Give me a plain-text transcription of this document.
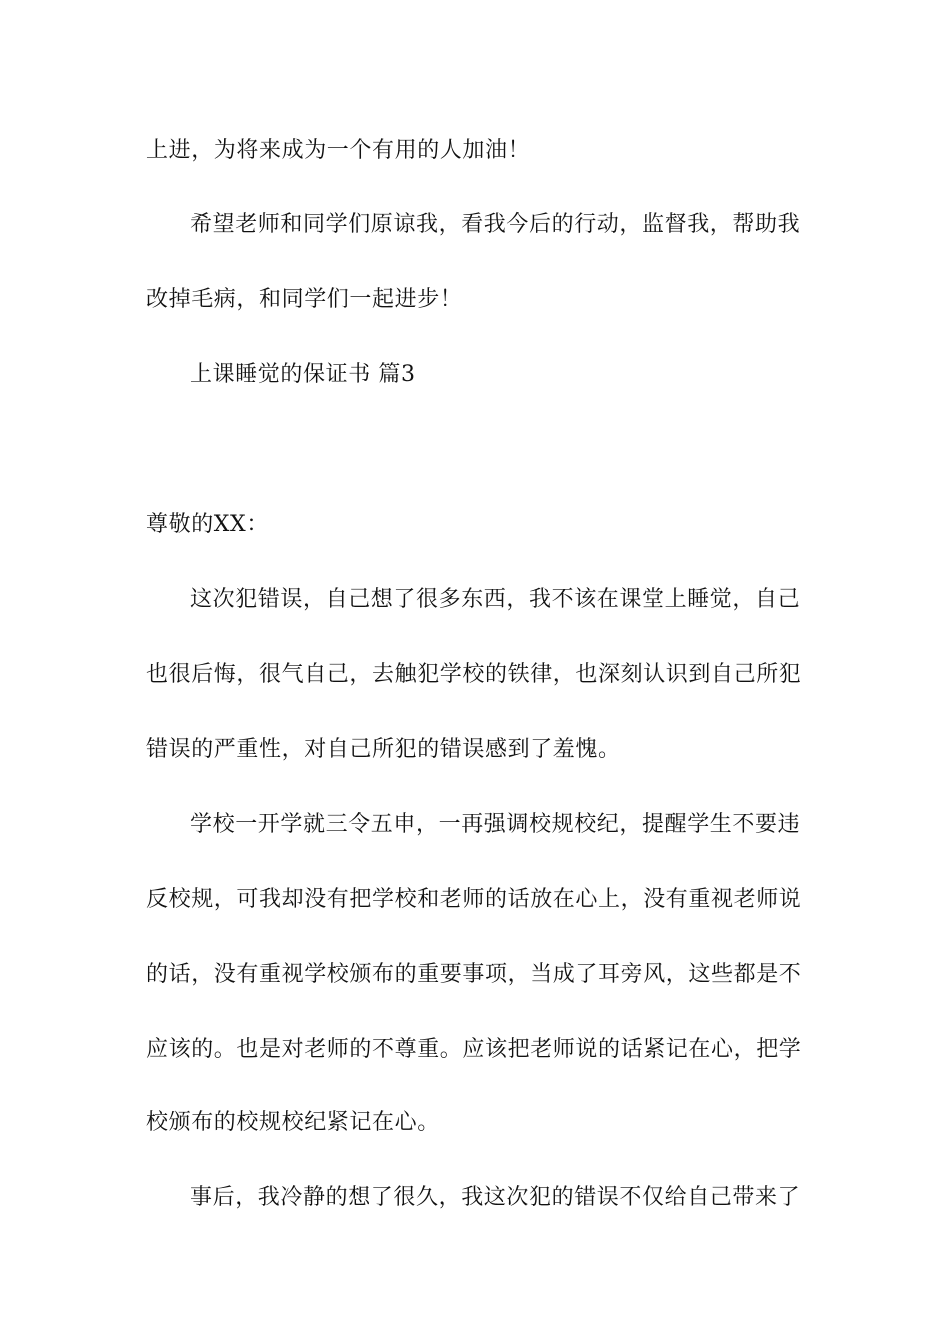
上进，为将来成为一个有用的人加油！
希望老师和同学们原谅我，看我今后的行动，监督我，帮助我
改掉毛病，和同学们一起进步！
上课睡觉的保证书 篇3
尊敬的XX：
这次犯错误，自己想了很多东西，我不该在课堂上睡觉，自己
也很后悔，很气自己，去触犯学校的铁律，也深刻认识到自己所犯
错误的严重性，对自己所犯的错误感到了羞愧。
学校一开学就三令五申，一再强调校规校纪，提醒学生不要违
反校规，可我却没有把学校和老师的话放在心上，没有重视老师说
的话，没有重视学校颁布的重要事项，当成了耳旁风，这些都是不
应该的。也是对老师的不尊重。应该把老师说的话紧记在心，把学
校颁布的校规校纪紧记在心。
事后，我冷静的想了很久，我这次犯的错误不仅给自己带来了
